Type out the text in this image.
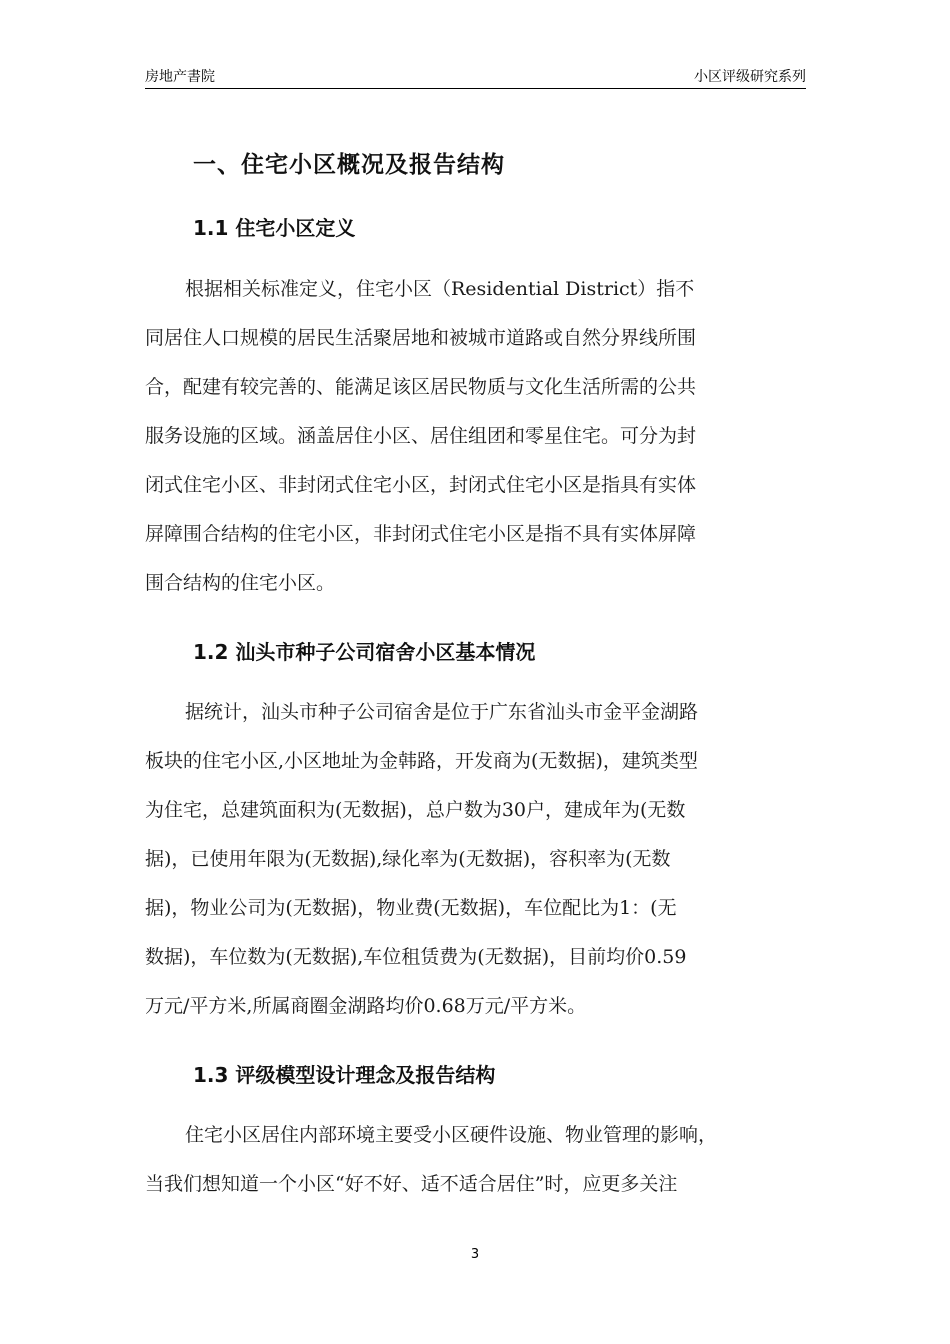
房地产書院	小区评级研究系列
一、住宅小区概况及报告结构
1.1 住宅小区定义
根据相关标准定义，住宅小区（Residential District）指不
同居住人口规模的居民生活聚居地和被城市道路或自然分界线所围
合，配建有较完善的、能满足该区居民物质与文化生活所需的公共
服务设施的区域。涵盖居住小区、居住组团和零星住宅。可分为封
闭式住宅小区、非封闭式住宅小区，封闭式住宅小区是指具有实体
屏障围合结构的住宅小区，非封闭式住宅小区是指不具有实体屏障
围合结构的住宅小区。
1.2 汕头市种子公司宿舍小区基本情况
据统计，汕头市种子公司宿舍是位于广东省汕头市金平金湖路
板块的住宅小区,小区地址为金韩路，开发商为(无数据)，建筑类型
为住宅，总建筑面积为(无数据)，总户数为30户，建成年为(无数
据)，已使用年限为(无数据),绿化率为(无数据)，容积率为(无数
据)，物业公司为(无数据)，物业费(无数据)，车位配比为1：(无
数据)，车位数为(无数据),车位租赁费为(无数据)，目前均价0.59
万元/平方米,所属商圈金湖路均价0.68万元/平方米。
1.3 评级模型设计理念及报告结构
住宅小区居住内部环境主要受小区硬件设施、物业管理的影响，
当我们想知道一个小区“好不好、适不适合居住”时，应更多关注
3
